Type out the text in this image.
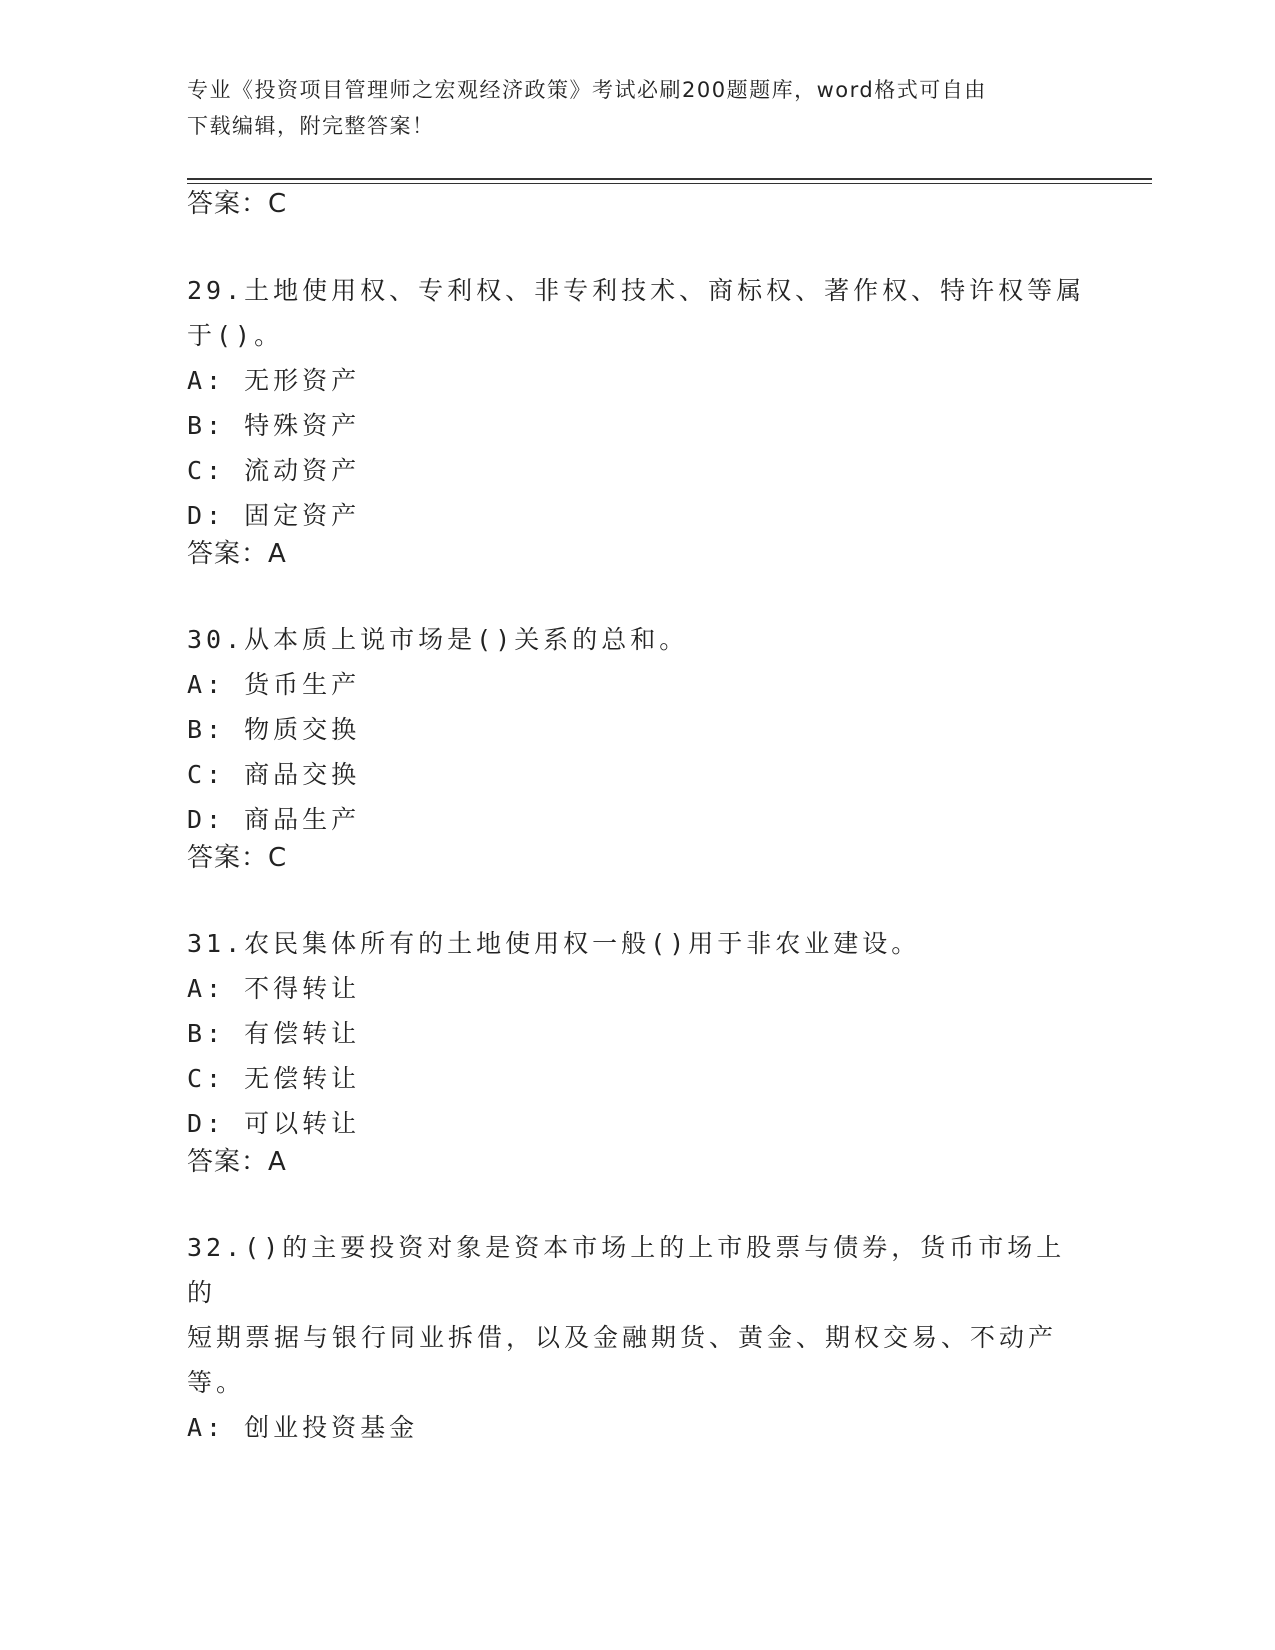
专业《投资项目管理师之宏观经济政策》考试必刷200题题库，word格式可自由
下载编辑，附完整答案！
答案：C
29.土地使用权、专利权、非专利技术、商标权、著作权、特许权等属
于()。
A: 无形资产
B: 特殊资产
C: 流动资产
D: 固定资产
答案：A
30.从本质上说市场是()关系的总和。
A: 货币生产
B: 物质交换
C: 商品交换
D: 商品生产
答案：C
31.农民集体所有的土地使用权一般()用于非农业建设。
A: 不得转让
B: 有偿转让
C: 无偿转让
D: 可以转让
答案：A
32.()的主要投资对象是资本市场上的上市股票与债券，货币市场上的
短期票据与银行同业拆借，以及金融期货、黄金、期权交易、不动产
等。
A: 创业投资基金
